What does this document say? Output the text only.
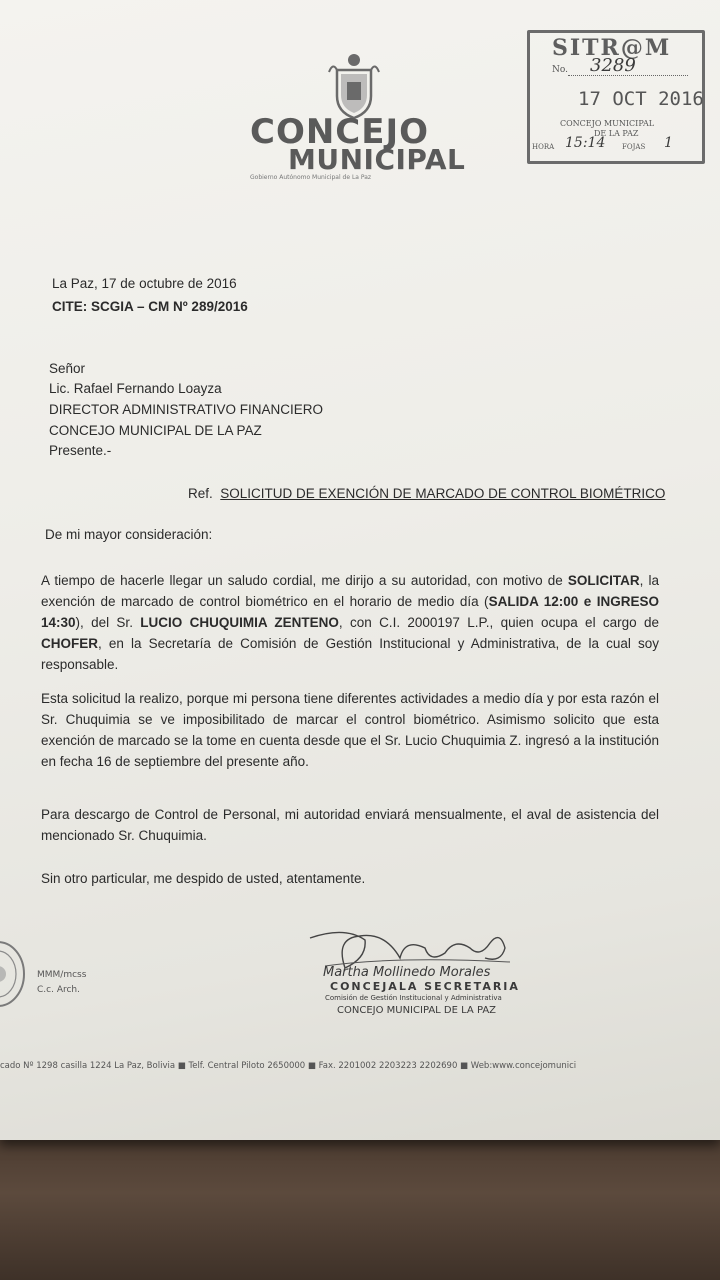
CONCEJO
MUNICIPAL
Gobierno Autónomo Municipal de La Paz
SITR@M
No. 3289
17 OCT 2016
CONCEJO MUNICIPAL
DE LA PAZ
HORA 15:14 FOJAS 1
La Paz, 17 de octubre de 2016
CITE: SCGIA – CM Nº 289/2016
Señor
Lic. Rafael Fernando Loayza
DIRECTOR ADMINISTRATIVO FINANCIERO
CONCEJO MUNICIPAL DE LA PAZ
Presente.-
Ref. SOLICITUD DE EXENCIÓN DE MARCADO DE CONTROL BIOMÉTRICO
De mi mayor consideración:
A tiempo de hacerle llegar un saludo cordial, me dirijo a su autoridad, con motivo de SOLICITAR, la exención de marcado de control biométrico en el horario de medio día (SALIDA 12:00 e INGRESO 14:30), del Sr. LUCIO CHUQUIMIA ZENTENO, con C.I. 2000197 L.P., quien ocupa el cargo de CHOFER, en la Secretaría de Comisión de Gestión Institucional y Administrativa, de la cual soy responsable.
Esta solicitud la realizo, porque mi persona tiene diferentes actividades a medio día y por esta razón el Sr. Chuquimia se ve imposibilitado de marcar el control biométrico. Asimismo solicito que esta exención de marcado se la tome en cuenta desde que el Sr. Lucio Chuquimia Z. ingresó a la institución en fecha 16 de septiembre del presente año.
Para descargo de Control de Personal, mi autoridad enviará mensualmente, el aval de asistencia del mencionado Sr. Chuquimia.
Sin otro particular, me despido de usted, atentamente.
MMM/mcss
C.c. Arch.
Martha Mollinedo Morales
CONCEJALA SECRETARIA
Comisión de Gestión Institucional y Administrativa
CONCEJO MUNICIPAL DE LA PAZ
cado Nº 1298 casilla 1224 La Paz, Bolivia ■ Telf. Central Piloto 2650000 ■ Fax. 2201002 2203223 2202690 ■ Web:www.concejomunici
